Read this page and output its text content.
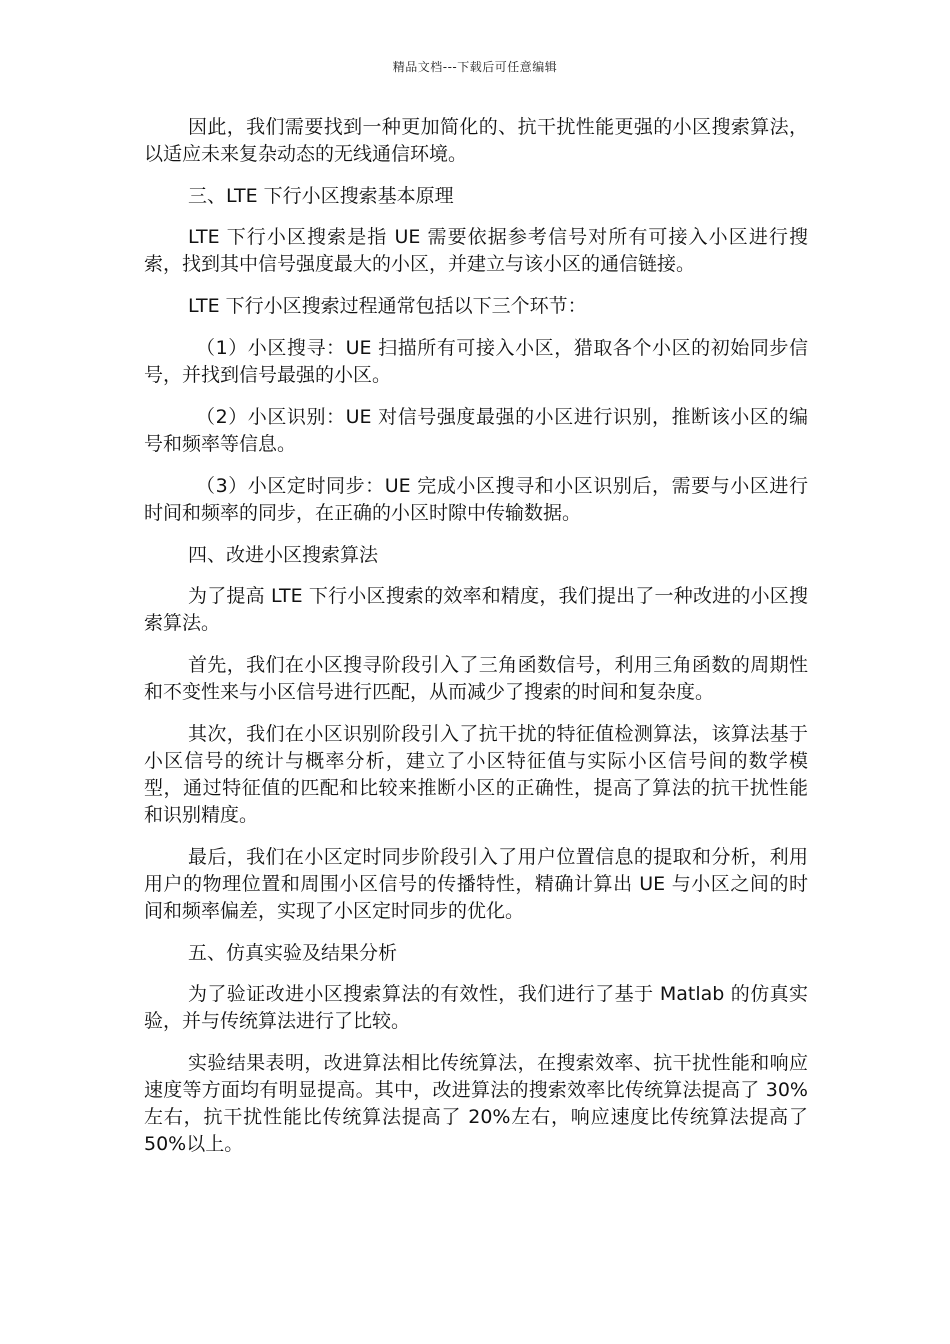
精品文档---下载后可任意编辑

因此，我们需要找到一种更加简化的、抗干扰性能更强的小区搜索算法，以适应未来复杂动态的无线通信环境。

三、LTE 下行小区搜索基本原理

LTE 下行小区搜索是指 UE 需要依据参考信号对所有可接入小区进行搜索，找到其中信号强度最大的小区，并建立与该小区的通信链接。

LTE 下行小区搜索过程通常包括以下三个环节：

（1）小区搜寻：UE 扫描所有可接入小区，猎取各个小区的初始同步信号，并找到信号最强的小区。

（2）小区识别：UE 对信号强度最强的小区进行识别，推断该小区的编号和频率等信息。

（3）小区定时同步：UE 完成小区搜寻和小区识别后，需要与小区进行时间和频率的同步，在正确的小区时隙中传输数据。

四、改进小区搜索算法

为了提高 LTE 下行小区搜索的效率和精度，我们提出了一种改进的小区搜索算法。

首先，我们在小区搜寻阶段引入了三角函数信号，利用三角函数的周期性和不变性来与小区信号进行匹配，从而减少了搜索的时间和复杂度。

其次，我们在小区识别阶段引入了抗干扰的特征值检测算法，该算法基于小区信号的统计与概率分析，建立了小区特征值与实际小区信号间的数学模型，通过特征值的匹配和比较来推断小区的正确性，提高了算法的抗干扰性能和识别精度。

最后，我们在小区定时同步阶段引入了用户位置信息的提取和分析，利用用户的物理位置和周围小区信号的传播特性，精确计算出 UE 与小区之间的时间和频率偏差，实现了小区定时同步的优化。

五、仿真实验及结果分析

为了验证改进小区搜索算法的有效性，我们进行了基于 Matlab 的仿真实验，并与传统算法进行了比较。

实验结果表明，改进算法相比传统算法，在搜索效率、抗干扰性能和响应速度等方面均有明显提高。其中，改进算法的搜索效率比传统算法提高了 30%左右，抗干扰性能比传统算法提高了 20%左右，响应速度比传统算法提高了 50%以上。
